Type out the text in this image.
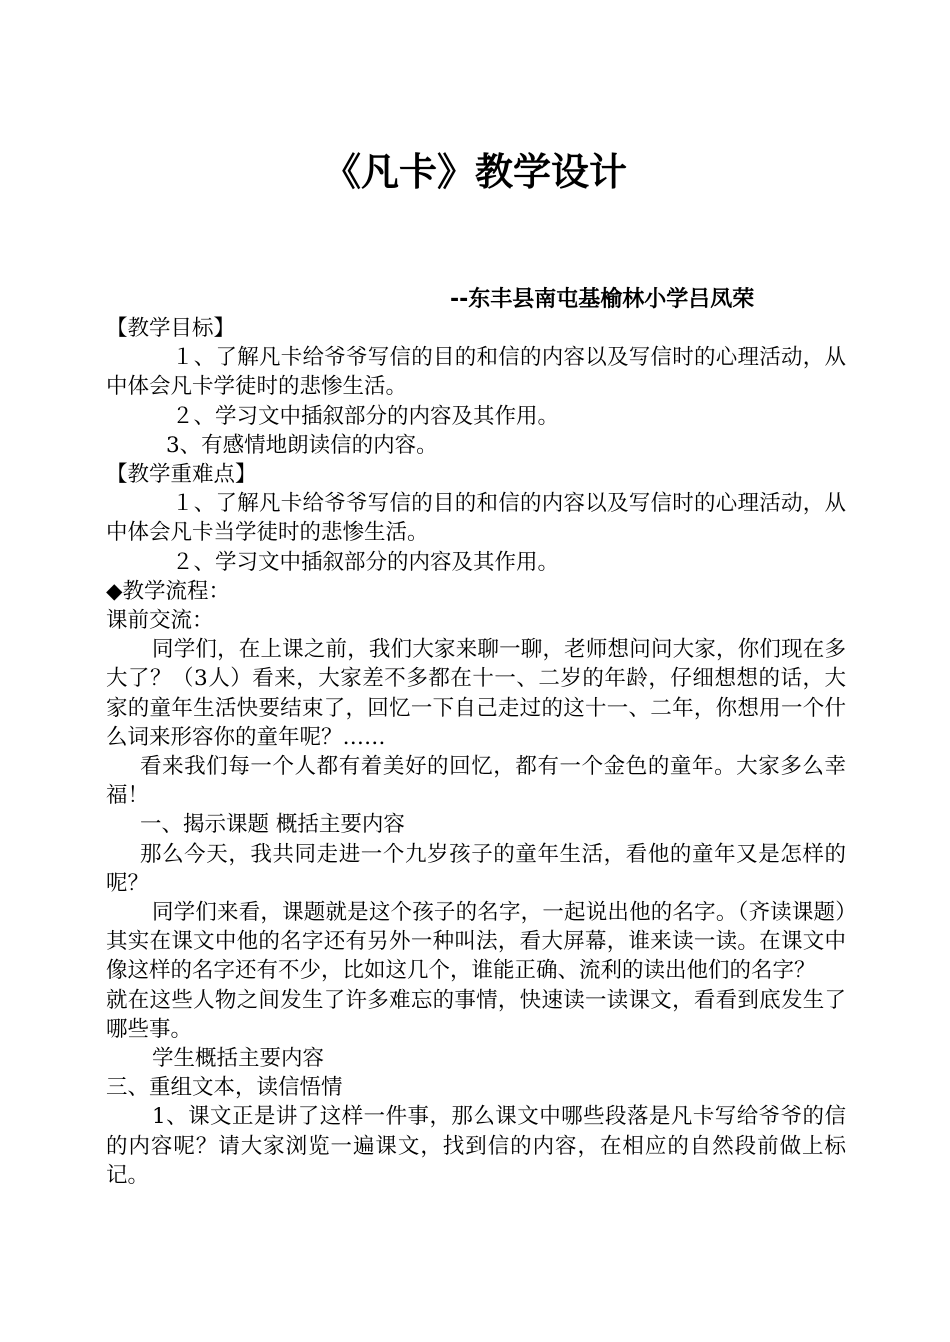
《凡卡》教学设计
--东丰县南屯基榆林小学吕凤荣

【教学目标】

１、了解凡卡给爷爷写信的目的和信的内容以及写信时的心理活动，从中体会凡卡学徒时的悲惨生活。

２、学习文中插叙部分的内容及其作用。

3、有感情地朗读信的内容。

【教学重难点】

１、了解凡卡给爷爷写信的目的和信的内容以及写信时的心理活动，从中体会凡卡当学徒时的悲惨生活。

２、学习文中插叙部分的内容及其作用。

◆教学流程：

课前交流：

同学们，在上课之前，我们大家来聊一聊，老师想问问大家，你们现在多大了？（3人）看来，大家差不多都在十一、二岁的年龄，仔细想想的话，大家的童年生活快要结束了，回忆一下自己走过的这十一、二年，你想用一个什么词来形容你的童年呢？……

看来我们每一个人都有着美好的回忆，都有一个金色的童年。大家多么幸福！

一、揭示课题 概括主要内容

那么今天，我共同走进一个九岁孩子的童年生活，看他的童年又是怎样的呢？

同学们来看，课题就是这个孩子的名字，一起说出他的名字。（齐读课题）其实在课文中他的名字还有另外一种叫法，看大屏幕，谁来读一读。在课文中像这样的名字还有不少，比如这几个，谁能正确、流利的读出他们的名字？

就在这些人物之间发生了许多难忘的事情，快速读一读课文，看看到底发生了哪些事。

学生概括主要内容

三、重组文本，读信悟情

1、课文正是讲了这样一件事，那么课文中哪些段落是凡卡写给爷爷的信的内容呢？请大家浏览一遍课文，找到信的内容，在相应的自然段前做上标记。
